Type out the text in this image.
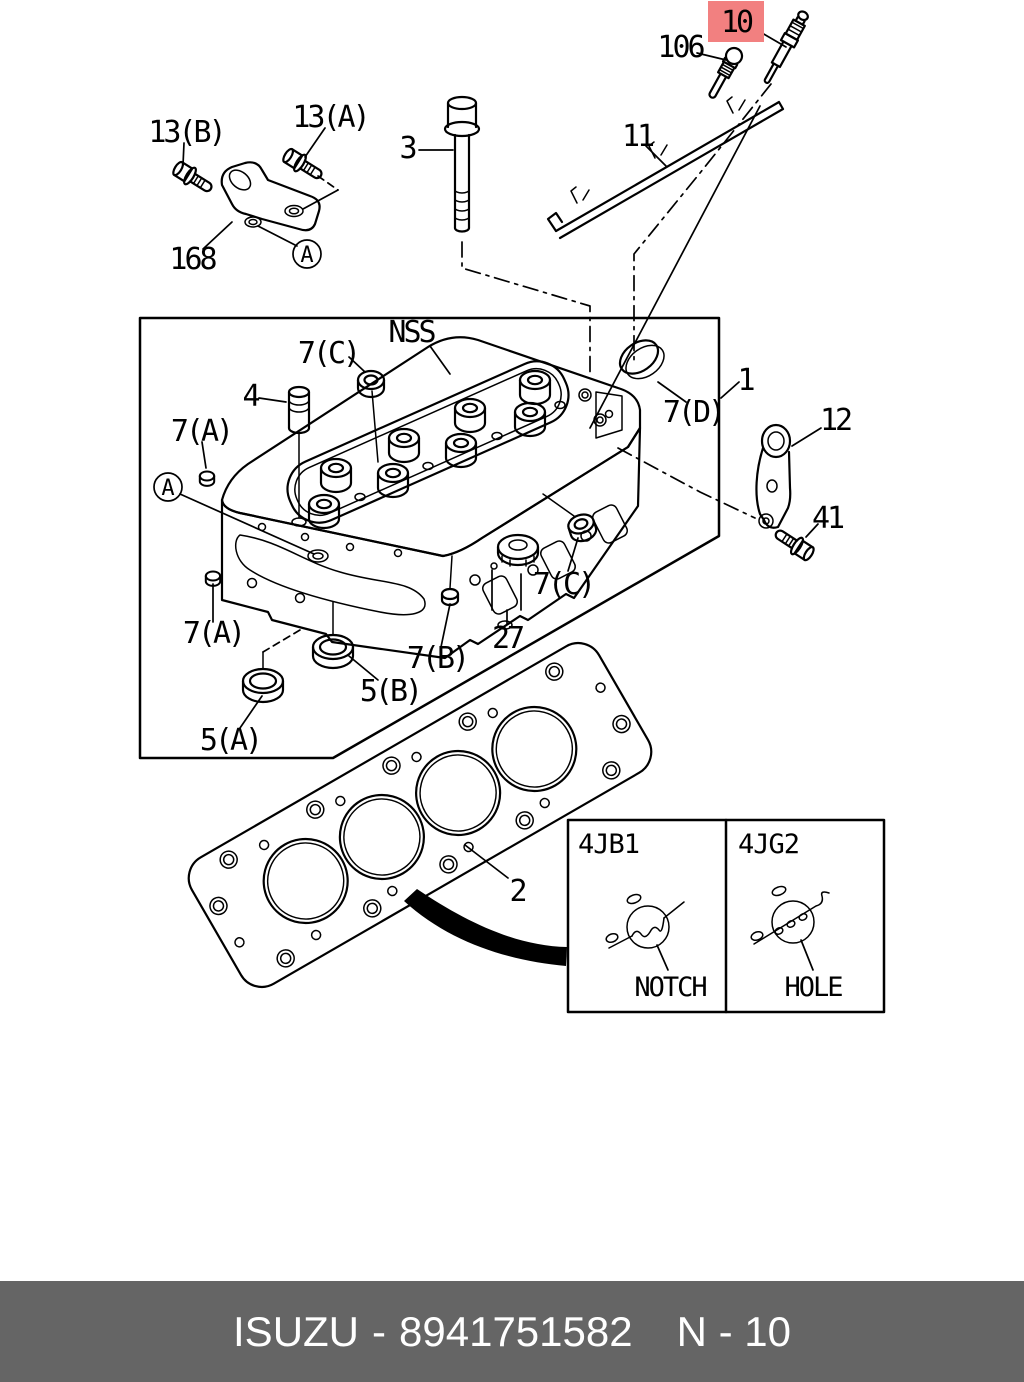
A
A
10
106
11
13(B) 13(A)
168
3
NSS
7(C)
4
7(A)
7(D)
1
12
41
7(C)
27
7(B)
5(B)
7(A)
5(A)
2
4JB1	4JG2
NOTCH	HOLE
ISUZU - 8941751582 N - 10
